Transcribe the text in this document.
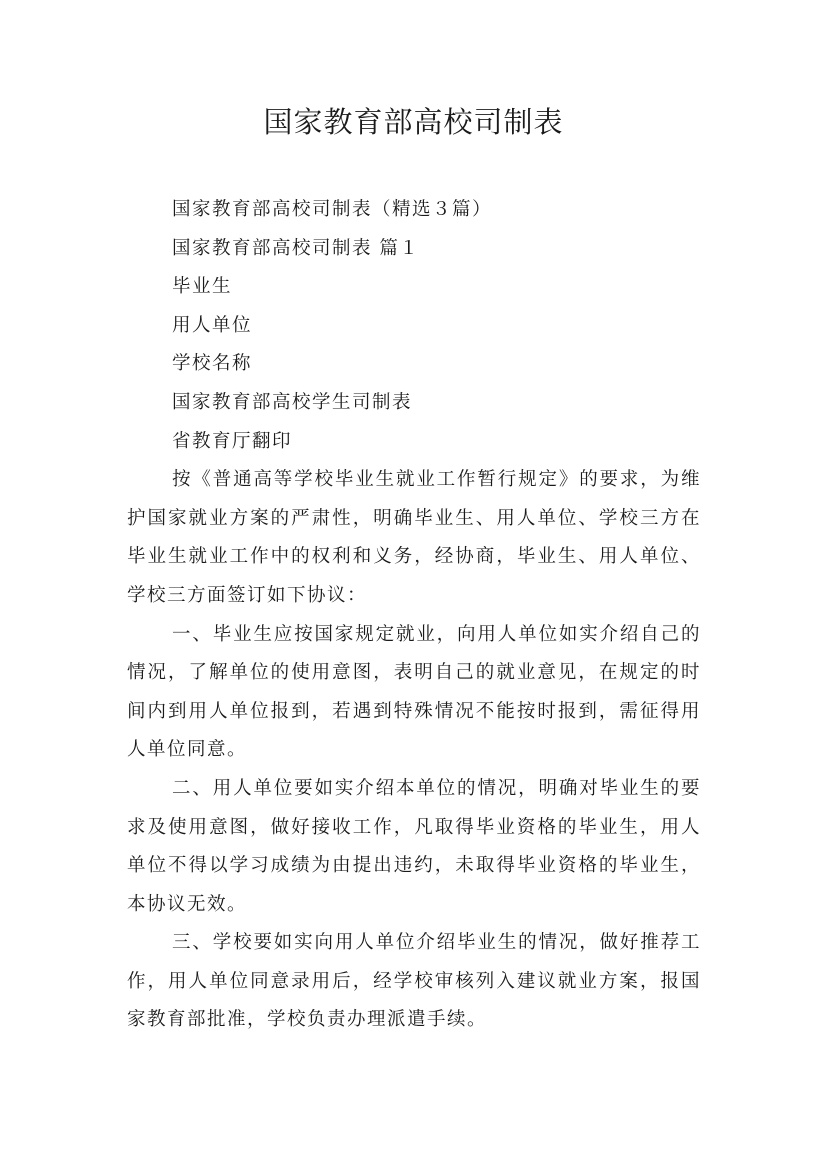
国家教育部高校司制表

国家教育部高校司制表（精选３篇）

国家教育部高校司制表 篇１

毕业生

用人单位

学校名称

国家教育部高校学生司制表

省教育厅翻印

按《普通高等学校毕业生就业工作暂行规定》的要求，为维护国家就业方案的严肃性，明确毕业生、用人单位、学校三方在毕业生就业工作中的权利和义务，经协商，毕业生、用人单位、学校三方面签订如下协议：

一、毕业生应按国家规定就业，向用人单位如实介绍自己的情况，了解单位的使用意图，表明自己的就业意见，在规定的时间内到用人单位报到，若遇到特殊情况不能按时报到，需征得用人单位同意。

二、用人单位要如实介绍本单位的情况，明确对毕业生的要求及使用意图，做好接收工作，凡取得毕业资格的毕业生，用人单位不得以学习成绩为由提出违约，未取得毕业资格的毕业生，本协议无效。

三、学校要如实向用人单位介绍毕业生的情况，做好推荐工作，用人单位同意录用后，经学校审核列入建议就业方案，报国家教育部批准，学校负责办理派遣手续。
